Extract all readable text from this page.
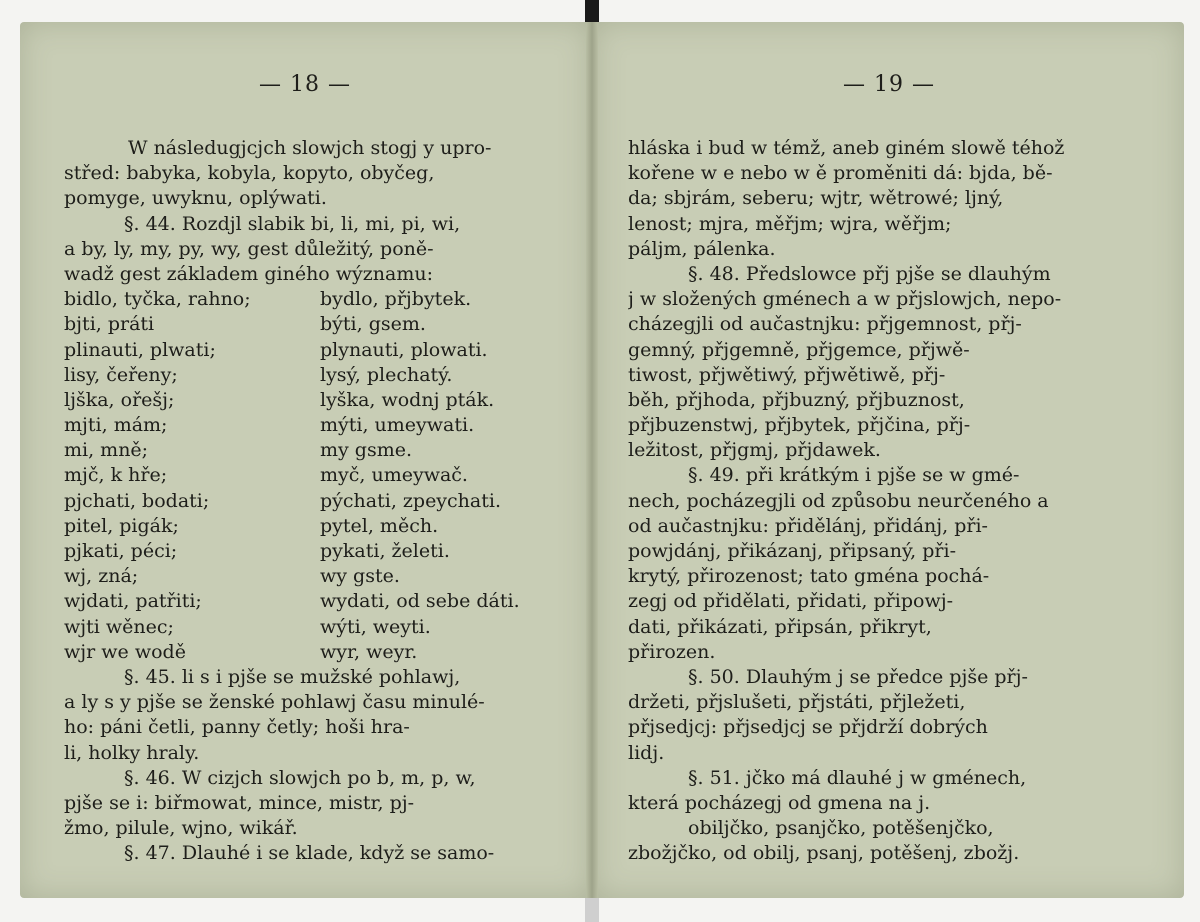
— 18 —
W následugjcjch slowjch stogj y upro-
střed: babyka, kobyla, kopyto, obyčeg,
pomyge, uwyknu, oplýwati.
§. 44. Rozdjl slabik bi, li, mi, pi, wi,
a by, ly, my, py, wy, gest důležitý, poně-
wadž gest základem giného wýznamu:
bidlo, tyčka, rahno;	bydlo, přjbytek.
bjti, práti	býti, gsem.
plinauti, plwati;	plynauti, plowati.
lisy, čeřeny;	lysý, plechatý.
ljška, ořešj;	lyška, wodnj pták.
mjti, mám;	mýti, umeywati.
mi, mně;	my gsme.
mjč, k hře;	myč, umeywač.
pjchati, bodati;	pýchati, zpeychati.
pitel, pigák;	pytel, měch.
pjkati, péci;	pykati, želeti.
wj, zná;	wy gste.
wjdati, patřiti;	wydati, od sebe dáti.
wjti wěnec;	wýti, weyti.
wjr we wodě	wyr, weyr.
§. 45. li s i pjše se mužské pohlawj,
a ly s y pjše se ženské pohlawj času minulé-
ho: páni četli, panny četly; hoši hra-
li, holky hraly.
§. 46. W cizjch slowjch po b, m, p, w,
pjše se i: biřmowat, mince, mistr, pj-
žmo, pilule, wjno, wikář.
§. 47. Dlauhé i se klade, když se samo-

— 19 —
hláska i bud w témž, aneb giném slowě téhož
kořene w e nebo w ě proměniti dá: bjda, bě-
da; sbjrám, seberu; wjtr, wětrowé; ljný,
lenost; mjra, měřjm; wjra, wěřjm;
páljm, pálenka.
§. 48. Předslowce přj pjše se dlauhým
j w složených gménech a w přjslowjch, nepo-
cházegjli od aučastnjku: přjgemnost, přj-
gemný, přjgemně, přjgemce, přjwě-
tiwost, přjwětiwý, přjwětiwě, přj-
běh, přjhoda, přjbuzný, přjbuznost,
přjbuzenstwj, přjbytek, přjčina, přj-
ležitost, přjgmj, přjdawek.
§. 49. při krátkým i pjše se w gmé-
nech, pocházegjli od způsobu neurčeného a
od aučastnjku: přidělánj, přidánj, při-
powjdánj, přikázanj, připsaný, při-
krytý, přirozenost; tato gména pochá-
zegj od přidělati, přidati, připowj-
dati, přikázati, připsán, přikryt,
přirozen.
§. 50. Dlauhým j se předce pjše přj-
držeti, přjslušeti, přjstáti, přjležeti,
přjsedjcj: přjsedjcj se přjdrží dobrých
lidj.
§. 51. jčko má dlauhé j w gménech,
která pocházegj od gmena na j.
obiljčko, psanjčko, potěšenjčko,
zbožjčko, od obilj, psanj, potěšenj, zbožj.
